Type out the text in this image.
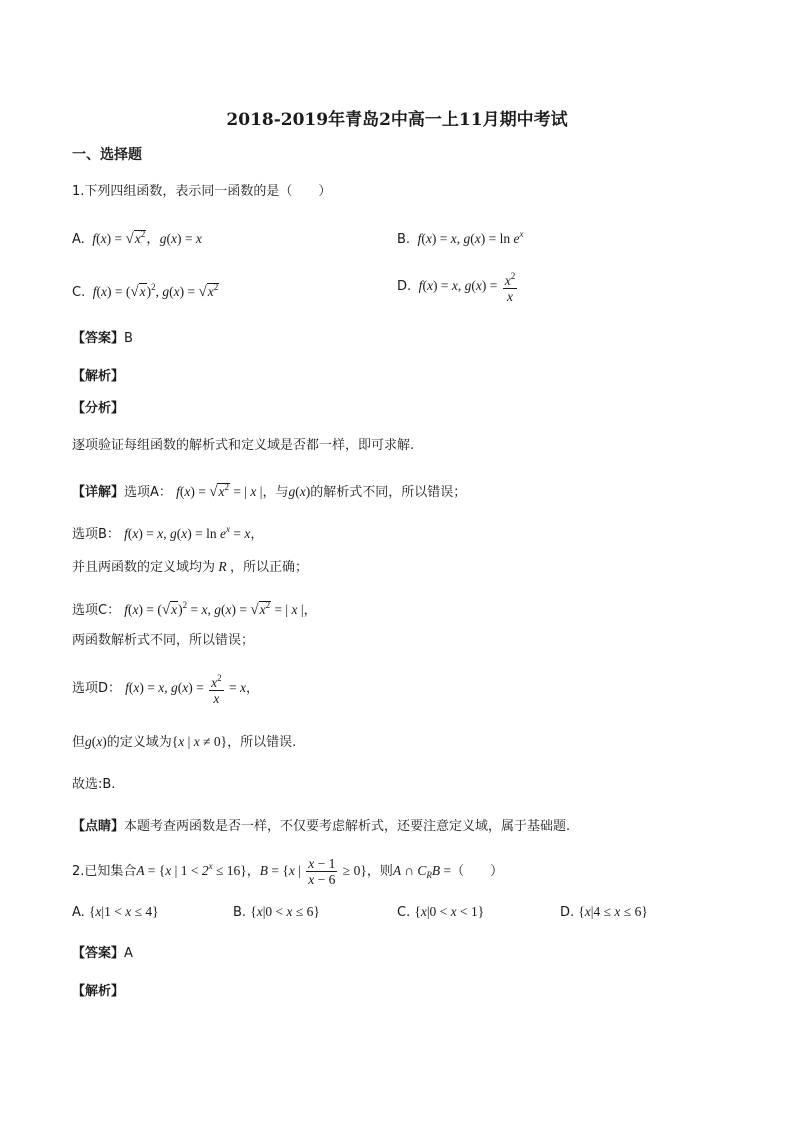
2018-2019年青岛2中高一上11月期中考试
一、选择题
1.下列四组函数，表示同一函数的是（　　）
A.  $f(x) = √x^2$，g(x) = x	B.  f(x) = x, $g(x) = \ln e^x$
C.  $f(x) = (√x)^2$, $g(x) = √x^2$	D.  f(x) = x, $g(x) = \frac{x^2}{x}$
【答案】B
【解析】
【分析】
逐项验证每组函数的解析式和定义域是否都一样，即可求解.
【详解】选项A： $f(x) = √x^2$ = | x |，与g(x)的解析式不同，所以错误；
选项B： f(x) = x, $g(x) = \ln e^x = x$，
并且两函数的定义域均为 R ，所以正确；
选项C： $f(x) = (√x)^2 = x$, $g(x) = √x^2$ = | x |，
两函数解析式不同，所以错误；
选项D： f(x) = x, $g(x) = \frac{x^2}{x} = x$，
但g(x)的定义域为{x | x ≠ 0}，所以错误.
故选:B.
【点睛】本题考查两函数是否一样，不仅要考虑解析式，还要注意定义域，属于基础题.
2.已知集合A = {x | $1 < 2^x \le 16$}，B = {x | $\frac{x - 1}{x - 6} \ge 0$}，则A ∩ $C_RB$ =（　　）
A. {x|1 < x ≤ 4}	B. {x|0 < x ≤ 6}	C. {x|0 < x < 1}	D. {x|4 ≤ x ≤ 6}
【答案】A
【解析】
